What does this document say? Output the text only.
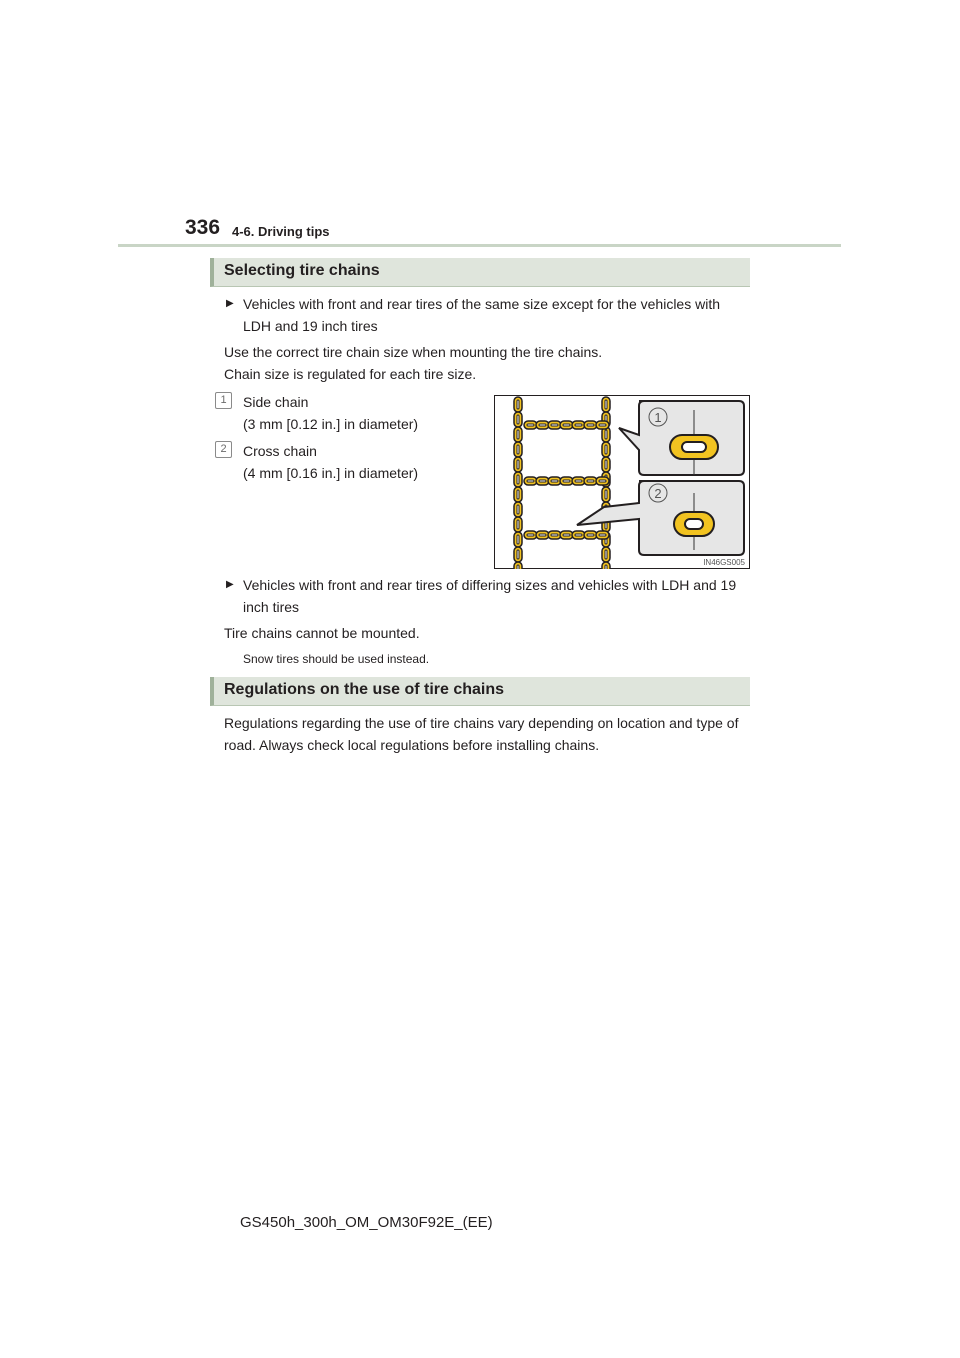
336 4-6. Driving tips
Selecting tire chains
▶ Vehicles with front and rear tires of the same size except for the vehicles with LDH and 19 inch tires
Use the correct tire chain size when mounting the tire chains.
Chain size is regulated for each tire size.
1	Side chain
(3 mm [0.12 in.] in diameter)
2	Cross chain
(4 mm [0.16 in.] in diameter)
1
2
IN46GS005
▶ Vehicles with front and rear tires of differing sizes and vehicles with LDH and 19 inch tires
Tire chains cannot be mounted.
Snow tires should be used instead.
Regulations on the use of tire chains
Regulations regarding the use of tire chains vary depending on location and type of road. Always check local regulations before installing chains.
GS450h_300h_OM_OM30F92E_(EE)
